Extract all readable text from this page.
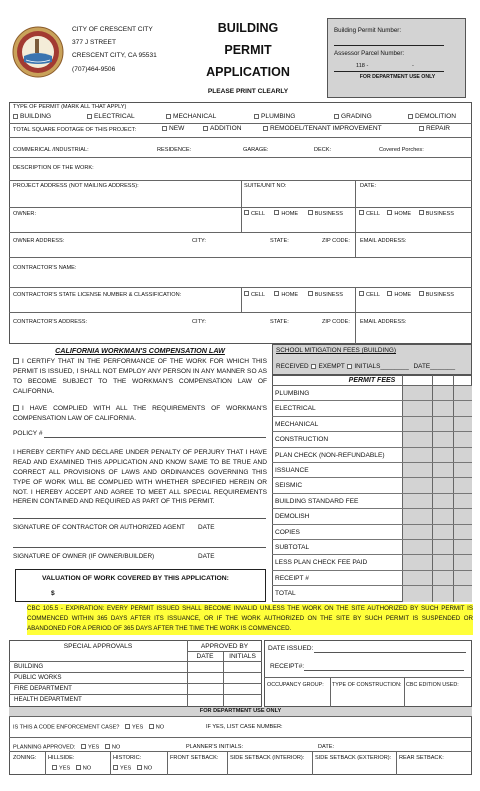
CITY OF CRESCENT CITY
377 J STREET
CRESCENT CITY, CA 95531
(707)464-9506
BUILDING
PERMIT
APPLICATION
PLEASE PRINT CLEARLY
Building Permit Number:
Assessor Parcel Number:
118 -	-
FOR DEPARTMENT USE ONLY
TYPE OF PERMIT (MARK ALL THAT APPLY)
BUILDING	ELECTRICAL	MECHANICAL	PLUMBING	GRADING	DEMOLITION
TOTAL SQUARE FOOTAGE OF THIS PROJECT:	NEW	ADDITION	REMODEL/TENANT IMPROVEMENT	REPAIR
COMMERICAL /INDUSTRIAL:	RESIDENCE:	GARAGE:	DECK:	Covered Porches:
DESCRIPTION OF THE WORK:
PROJECT ADDRESS (NOT MAILING ADDRESS):	SUITE/UNIT NO:	DATE:
OWNER:	CELL	HOME	BUSINESS	CELL	HOME	BUSINESS
OWNER ADDRESS:	CITY:	STATE:	ZIP CODE: EMAIL ADDRESS:
CONTRACTOR'S NAME:
CONTRACTOR'S STATE LICENSE NUMBER & CLASSIFICATION:	CELL	HOME	BUSINESS	CELL	HOME	BUSINESS
CONTRACTOR'S ADDRESS:	CITY:	STATE:	ZIP CODE: EMAIL ADDRESS:
CALIFORNIA WORKMAN'S COMPENSATION LAW
I CERTIFY THAT IN THE PERFORMANCE OF THE WORK FOR WHICH THIS PERMIT IS ISSUED, I SHALL NOT EMPLOY ANY PERSON IN ANY MANNER SO AS TO BECOME SUBJECT TO THE WORKMAN'S COMPENSATION LAW OF CALIFORNIA.
I HAVE COMPLIED WITH ALL THE REQUIREMENTS OF WORKMAN'S COMPENSATION LAW OF CALIFORNIA.
POLICY #
I HEREBY CERTIFY AND DECLARE UNDER PENALTY OF PERJURY THAT I HAVE READ AND EXAMINED THIS APPLICATION AND KNOW SAME TO BE TRUE AND CORRECT ALL PROVISIONS OF LAWS AND ORDINANCES GOVERNING THIS TYPE OF WORK WILL BE COMPLIED WITH WHETHER SPECIFIED HEREIN OR NOT. I HEREBY ACCEPT AND AGREE TO MEET ALL SPECIAL REQUIREMENTS HEREIN CONTAINED AND REQUIRED AS PART OF THIS PERMIT.
SIGNATURE OF CONTRACTOR OR AUTHORIZED AGENT DATE
SIGNATURE OF OWNER (IF OWNER/BUILDER)	DATE
VALUATION OF WORK COVERED BY THIS APPLICATION:
$
SCHOOL MITIGATION FEES (BUILDING)
RECEIVED EXEMPT INITIALS________ DATE_______
PERMIT FEES
PLUMBING
ELECTRICAL
MECHANICAL
CONSTRUCTION
PLAN CHECK (NON-REFUNDABLE)
ISSUANCE
SEISMIC
BUILDING STANDARD FEE
DEMOLISH
COPIES
SUBTOTAL
LESS PLAN CHECK FEE PAID
RECEIPT #
TOTAL
CBC 105.5 - EXPIRATION: EVERY PERMIT ISSUED SHALL BECOME INVALID UNLESS THE WORK ON THE SITE AUTHORIZED BY SUCH PERMIT IS COMMENCED WITHIN 365 DAYS AFTER ITS ISSUANCE, OR IF THE WORK AUTHORIZED ON THE SITE BY SUCH PERMIT IS SUSPENDED OR ABANDONED FOR A PERIOD OF 365 DAYS AFTER THE TIME THE WORK IS COMMENCED.
SPECIAL APPROVALS	APPROVED BY
DATE	INITIALS
BUILDING
PUBLIC WORKS
FIRE DEPARTMENT
HEALTH DEPARTMENT
DATE ISSUED:
RECEIPT#:
OCCUPANCY GROUP: TYPE OF CONSTRUCTION: CBC EDITION USED:
FOR DEPARTMENT USE ONLY
IS THIS A CODE ENFORCEMENT CASE? YES NO	IF YES, LIST CASE NUMBER:
PLANNING APPROVED: YES NO	PLANNER'S INITIALS:	DATE:
ZONING: HILLSIDE:
YES NO
HISTORIC:
YES NO
FRONT SETBACK: SIDE SETBACK (INTERIOR): SIDE SETBACK (EXTERIOR): REAR SETBACK:
